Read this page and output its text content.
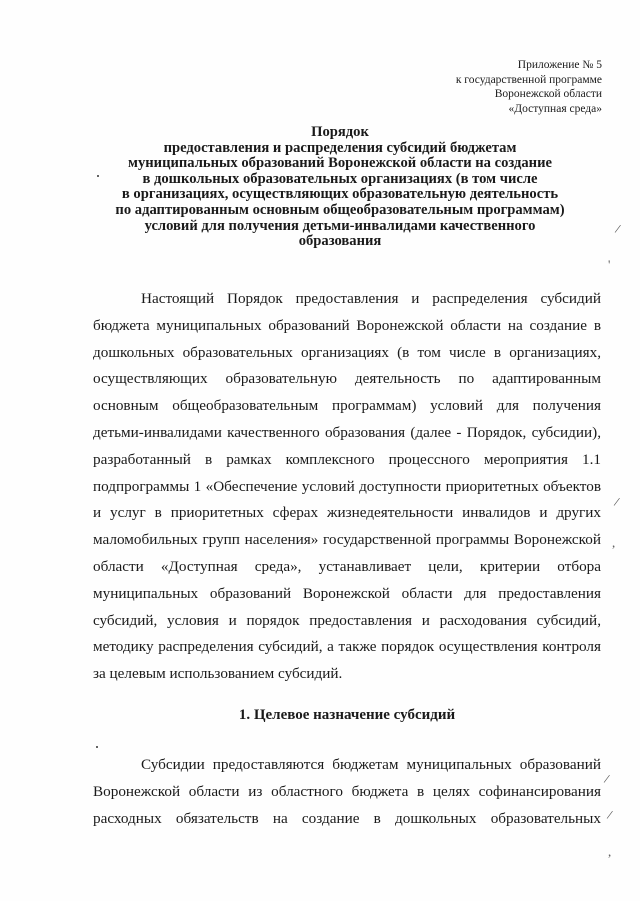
Приложение № 5
к государственной программе
Воронежской области
«Доступная среда»
Порядок
предоставления и распределения субсидий бюджетам
муниципальных образований Воронежской области на создание
в дошкольных образовательных организациях (в том числе
в организациях, осуществляющих образовательную деятельность
по адаптированным основным общеобразовательным программам)
условий для получения детьми-инвалидами качественного
образования
Настоящий Порядок предоставления и распределения субсидий
бюджета муниципальных образований Воронежской области на создание в
дошкольных образовательных организациях (в том числе в организациях,
осуществляющих образовательную деятельность по адаптированным
основным общеобразовательным программам) условий для получения
детьми-инвалидами качественного образования (далее - Порядок, субсидии),
разработанный в рамках комплексного процессного мероприятия 1.1
подпрограммы 1 «Обеспечение условий доступности приоритетных объектов
и услуг в приоритетных сферах жизнедеятельности инвалидов и других
маломобильных групп населения» государственной программы Воронежской
области «Доступная среда», устанавливает цели, критерии отбора
муниципальных образований Воронежской области для предоставления
субсидий, условия и порядок предоставления и расходования субсидий,
методику распределения субсидий, а также порядок осуществления контроля
за целевым использованием субсидий.
1. Целевое назначение субсидий
Субсидии предоставляются бюджетам муниципальных образований
Воронежской области из областного бюджета в целях софинансирования
расходных обязательств на создание в дошкольных образовательных
/
'
/
,
/
/
,
